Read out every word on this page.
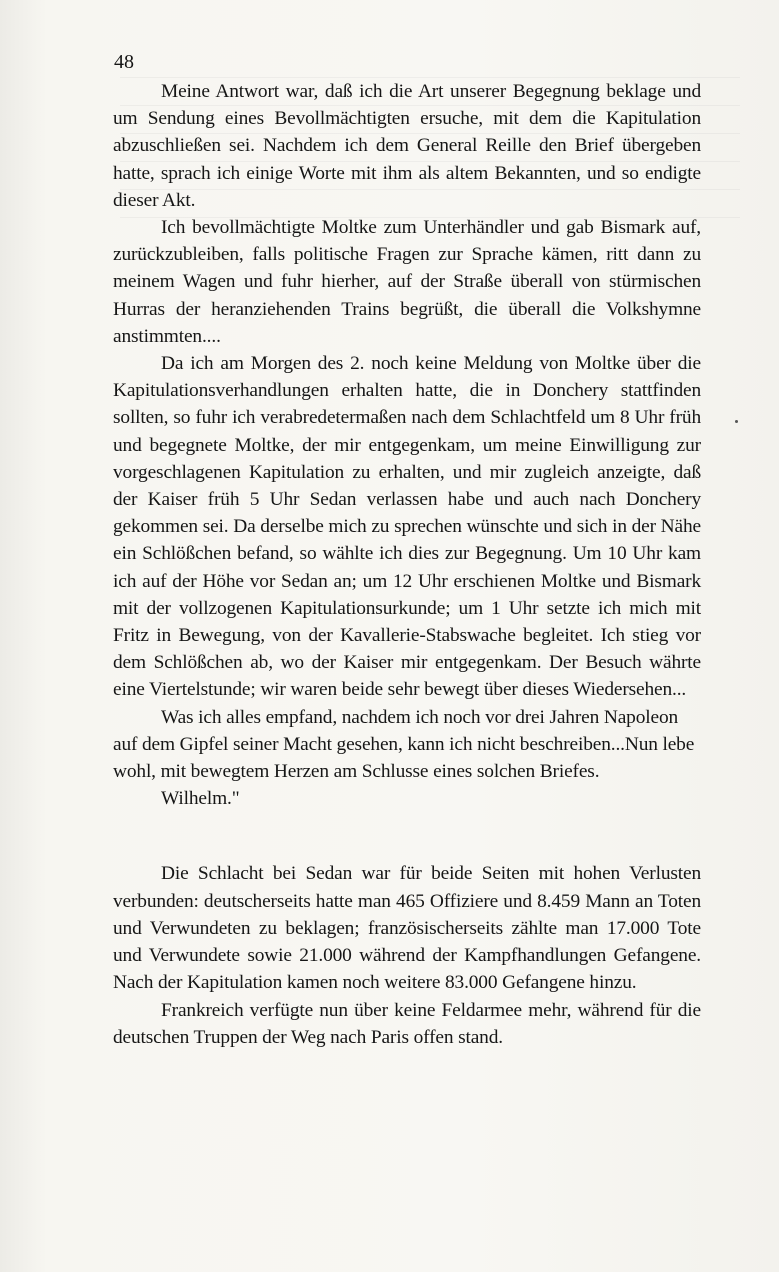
48

Meine Antwort war, daß ich die Art unserer Begegnung beklage und um Sendung eines Bevollmächtigten ersuche, mit dem die Kapitulation abzuschließen sei. Nachdem ich dem General Reille den Brief übergeben hatte, sprach ich einige Worte mit ihm als altem Bekannten, und so endigte dieser Akt.

Ich bevollmächtigte Moltke zum Unterhändler und gab Bismark auf, zurückzubleiben, falls politische Fragen zur Sprache kämen, ritt dann zu meinem Wagen und fuhr hierher, auf der Straße überall von stürmischen Hurras der heranziehenden Trains begrüßt, die überall die Volkshymne anstimmten....

Da ich am Morgen des 2. noch keine Meldung von Moltke über die Kapitulationsverhandlungen erhalten hatte, die in Donchery stattfinden sollten, so fuhr ich verabredetermaßen nach dem Schlachtfeld um 8 Uhr früh und begegnete Moltke, der mir entgegenkam, um meine Einwilligung zur vorgeschlagenen Kapitulation zu erhalten, und mir zugleich anzeigte, daß der Kaiser früh 5 Uhr Sedan verlassen habe und auch nach Donchery gekommen sei. Da derselbe mich zu sprechen wünschte und sich in der Nähe ein Schlößchen befand, so wählte ich dies zur Begegnung. Um 10 Uhr kam ich auf der Höhe vor Sedan an; um 12 Uhr erschienen Moltke und Bismark mit der vollzogenen Kapitulationsurkunde; um 1 Uhr setzte ich mich mit Fritz in Bewegung, von der Kavallerie-Stabswache begleitet. Ich stieg vor dem Schlößchen ab, wo der Kaiser mir entgegenkam. Der Besuch währte eine Viertelstunde; wir waren beide sehr bewegt über dieses Wiedersehen...

Was ich alles empfand, nachdem ich noch vor drei Jahren Napoleon auf dem Gipfel seiner Macht gesehen, kann ich nicht beschreiben...Nun lebe wohl, mit bewegtem Herzen am Schlusse eines solchen Briefes.

Wilhelm."

Die Schlacht bei Sedan war für beide Seiten mit hohen Verlusten verbunden: deutscherseits hatte man 465 Offiziere und 8.459 Mann an Toten und Verwundeten zu beklagen; französischerseits zählte man 17.000 Tote und Verwundete sowie 21.000 während der Kampfhandlungen Gefangene. Nach der Kapitulation kamen noch weitere 83.000 Gefangene hinzu.

Frankreich verfügte nun über keine Feldarmee mehr, während für die deutschen Truppen der Weg nach Paris offen stand.
